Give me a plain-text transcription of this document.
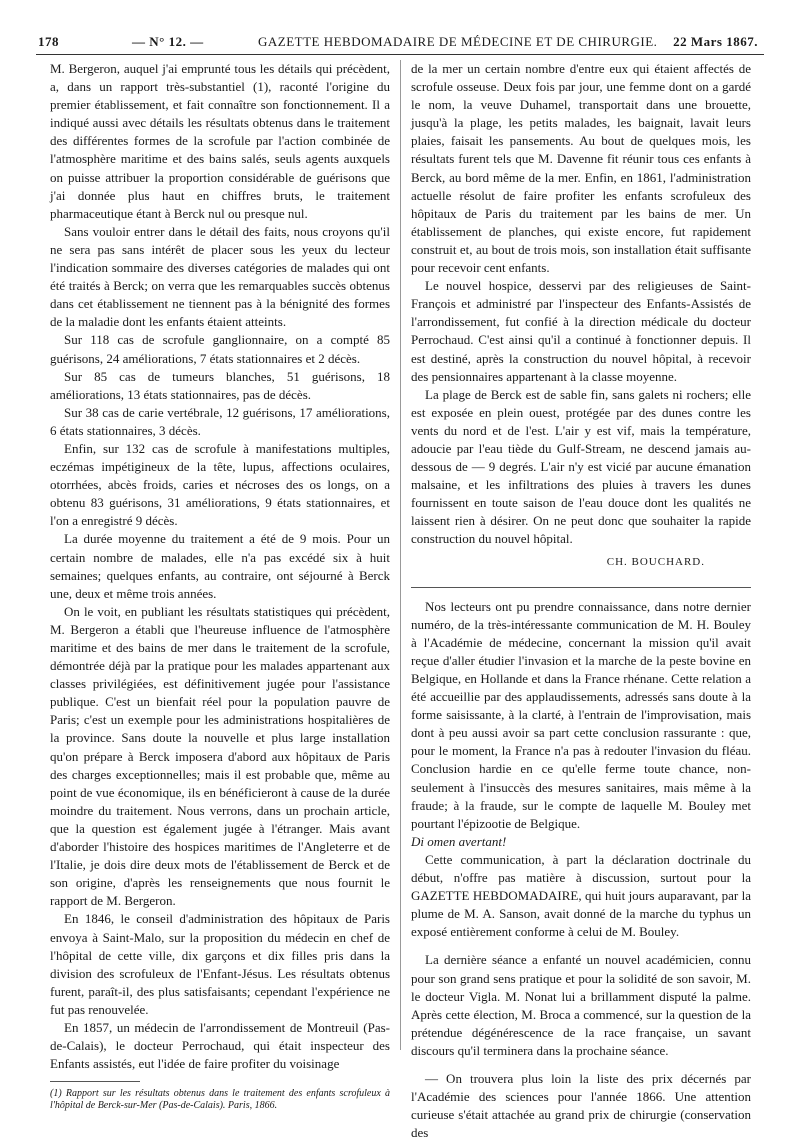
178	— N° 12. —	GAZETTE HEBDOMADAIRE DE MÉDECINE ET DE CHIRURGIE. 22 Mars 1867.

M. Bergeron, auquel j'ai emprunté tous les détails qui précèdent, a, dans un rapport très-substantiel (1), raconté l'origine du premier établissement, et fait connaître son fonctionnement. Il a indiqué aussi avec détails les résultats obtenus dans le traitement des différentes formes de la scrofule par l'action combinée de l'atmosphère maritime et des bains salés, seuls agents auxquels on puisse attribuer la proportion considérable de guérisons que j'ai donnée plus haut en chiffres bruts, le traitement pharmaceutique étant à Berck nul ou presque nul.

Sans vouloir entrer dans le détail des faits, nous croyons qu'il ne sera pas sans intérêt de placer sous les yeux du lecteur l'indication sommaire des diverses catégories de malades qui ont été traités à Berck; on verra que les remarquables succès obtenus dans cet établissement ne tiennent pas à la bénignité des formes de la maladie dont les enfants étaient atteints.

Sur 118 cas de scrofule ganglionnaire, on a compté 85 guérisons, 24 améliorations, 7 états stationnaires et 2 décès.

Sur 85 cas de tumeurs blanches, 51 guérisons, 18 améliorations, 13 états stationnaires, pas de décès.

Sur 38 cas de carie vertébrale, 12 guérisons, 17 améliorations, 6 états stationnaires, 3 décès.

Enfin, sur 132 cas de scrofule à manifestations multiples, eczémas impétigineux de la tête, lupus, affections oculaires, otorrhées, abcès froids, caries et nécroses des os longs, on a obtenu 83 guérisons, 31 améliorations, 9 états stationnaires, et l'on a enregistré 9 décès.

La durée moyenne du traitement a été de 9 mois. Pour un certain nombre de malades, elle n'a pas excédé six à huit semaines; quelques enfants, au contraire, ont séjourné à Berck une, deux et même trois années.

On le voit, en publiant les résultats statistiques qui précèdent, M. Bergeron a établi que l'heureuse influence de l'atmosphère maritime et des bains de mer dans le traitement de la scrofule, démontrée déjà par la pratique pour les malades appartenant aux classes privilégiées, est définitivement jugée pour l'assistance publique. C'est un bienfait réel pour la population pauvre de Paris; c'est un exemple pour les administrations hospitalières de la province. Sans doute la nouvelle et plus large installation qu'on prépare à Berck imposera d'abord aux hôpitaux de Paris des charges exceptionnelles; mais il est probable que, même au point de vue économique, ils en bénéficieront à cause de la durée moindre du traitement. Nous verrons, dans un prochain article, que la question est également jugée à l'étranger. Mais avant d'aborder l'histoire des hospices maritimes de l'Angleterre et de l'Italie, je dois dire deux mots de l'établissement de Berck et de son origine, d'après les renseignements que nous fournit le rapport de M. Bergeron.

En 1846, le conseil d'administration des hôpitaux de Paris envoya à Saint-Malo, sur la proposition du médecin en chef de l'hôpital de cette ville, dix garçons et dix filles pris dans la division des scrofuleux de l'Enfant-Jésus. Les résultats obtenus furent, paraît-il, des plus satisfaisants; cependant l'expérience ne fut pas renouvelée.

En 1857, un médecin de l'arrondissement de Montreuil (Pas-de-Calais), le docteur Perrochaud, qui était inspecteur des Enfants assistés, eut l'idée de faire profiter du voisinage

(1) Rapport sur les résultats obtenus dans le traitement des enfants scrofuleux à l'hôpital de Berck-sur-Mer (Pas-de-Calais). Paris, 1866.

de la mer un certain nombre d'entre eux qui étaient affectés de scrofule osseuse. Deux fois par jour, une femme dont on a gardé le nom, la veuve Duhamel, transportait dans une brouette, jusqu'à la plage, les petits malades, les baignait, lavait leurs plaies, faisait les pansements. Au bout de quelques mois, les résultats furent tels que M. Davenne fit réunir tous ces enfants à Berck, au bord même de la mer. Enfin, en 1861, l'administration actuelle résolut de faire profiter les enfants scrofuleux des hôpitaux de Paris du traitement par les bains de mer. Un établissement de planches, qui existe encore, fut rapidement construit et, au bout de trois mois, son installation était suffisante pour recevoir cent enfants.

Le nouvel hospice, desservi par des religieuses de Saint-François et administré par l'inspecteur des Enfants-Assistés de l'arrondissement, fut confié à la direction médicale du docteur Perrochaud. C'est ainsi qu'il a continué à fonctionner depuis. Il est destiné, après la construction du nouvel hôpital, à recevoir des pensionnaires appartenant à la classe moyenne.

La plage de Berck est de sable fin, sans galets ni rochers; elle est exposée en plein ouest, protégée par des dunes contre les vents du nord et de l'est. L'air y est vif, mais la température, adoucie par l'eau tiède du Gulf-Stream, ne descend jamais au-dessous de — 9 degrés. L'air n'y est vicié par aucune émanation malsaine, et les infiltrations des pluies à travers les dunes fournissent en toute saison de l'eau douce dont les qualités ne laissent rien à désirer. On ne peut donc que souhaiter la rapide construction du nouvel hôpital.

CH. BOUCHARD.

Nos lecteurs ont pu prendre connaissance, dans notre dernier numéro, de la très-intéressante communication de M. H. Bouley à l'Académie de médecine, concernant la mission qu'il avait reçue d'aller étudier l'invasion et la marche de la peste bovine en Belgique, en Hollande et dans la France rhénane. Cette relation a été accueillie par des applaudissements, adressés sans doute à la forme saisissante, à la clarté, à l'entrain de l'improvisation, mais dont à peu aussi avoir sa part cette conclusion rassurante : que, pour le moment, la France n'a pas à redouter l'invasion du fléau. Conclusion hardie en ce qu'elle ferme toute chance, non-seulement à l'insuccès des mesures sanitaires, mais même à la fraude; à la fraude, sur le compte de laquelle M. Bouley met pourtant l'épizootie de Belgique.

Di omen avertant!

Cette communication, à part la déclaration doctrinale du début, n'offre pas matière à discussion, surtout pour la GAZETTE HEBDOMADAIRE, qui huit jours auparavant, par la plume de M. A. Sanson, avait donné de la marche du typhus un exposé entièrement conforme à celui de M. Bouley.

La dernière séance a enfanté un nouvel académicien, connu pour son grand sens pratique et pour la solidité de son savoir, M. le docteur Vigla. M. Nonat lui a brillamment disputé la palme. Après cette élection, M. Broca a commencé, sur la question de la prétendue dégénérescence de la race française, un savant discours qu'il terminera dans la prochaine séance.

— On trouvera plus loin la liste des prix décernés par l'Académie des sciences pour l'année 1866. Une attention curieuse s'était attachée au grand prix de chirurgie (conservation des
